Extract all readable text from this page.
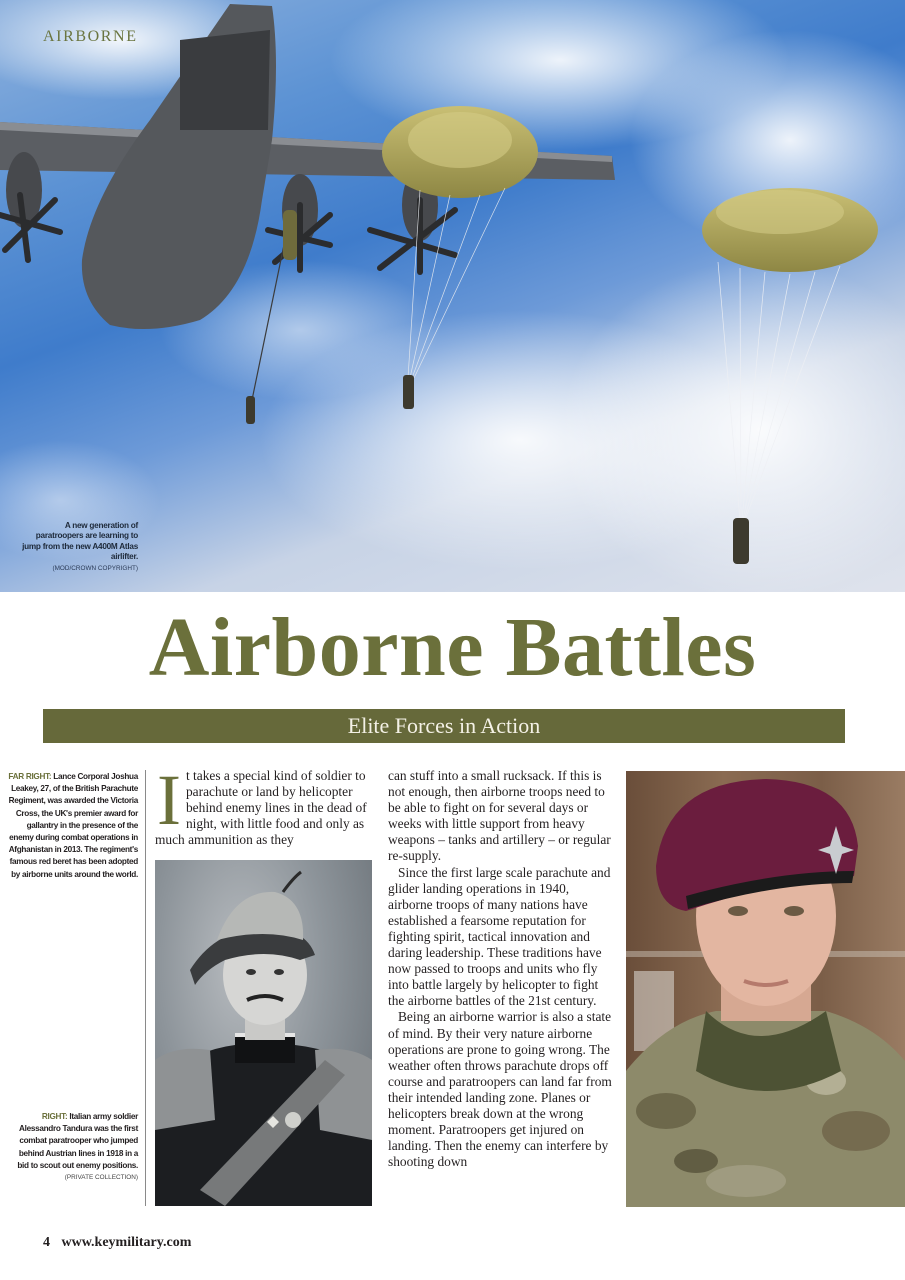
AIRBORNE
A new generation of paratroopers are learning to jump from the new A400M Atlas airlifter.
(MOD/CROWN COPYRIGHT)
Airborne Battles
Elite Forces in Action
FAR RIGHT: Lance Corporal Joshua Leakey, 27, of the British Parachute Regiment, was awarded the Victoria Cross, the UK's premier award for gallantry in the presence of the enemy during combat operations in Afghanistan in 2013. The regiment's famous red beret has been adopted by airborne units around the world.
RIGHT: Italian army soldier Alessandro Tandura was the first combat paratrooper who jumped behind Austrian lines in 1918 in a bid to scout out enemy positions.
(PRIVATE COLLECTION)
I t takes a special kind of soldier to parachute or land by helicopter behind enemy lines in the dead of night, with little food and only as much ammunition as they

can stuff into a small rucksack. If this is not enough, then airborne troops need to be able to fight on for several days or weeks with little support from heavy weapons – tanks and artillery – or regular re-supply.

Since the first large scale parachute and glider landing operations in 1940, airborne troops of many nations have established a fearsome reputation for fighting spirit, tactical innovation and daring leadership. These traditions have now passed to troops and units who fly into battle largely by helicopter to fight the airborne battles of the 21st century.

Being an airborne warrior is also a state of mind. By their very nature airborne operations are prone to going wrong. The weather often throws parachute drops off course and paratroopers can land far from their intended landing zone. Planes or helicopters break down at the wrong moment. Paratroopers get injured on landing. Then the enemy can interfere by shooting down

4 www.keymilitary.com
